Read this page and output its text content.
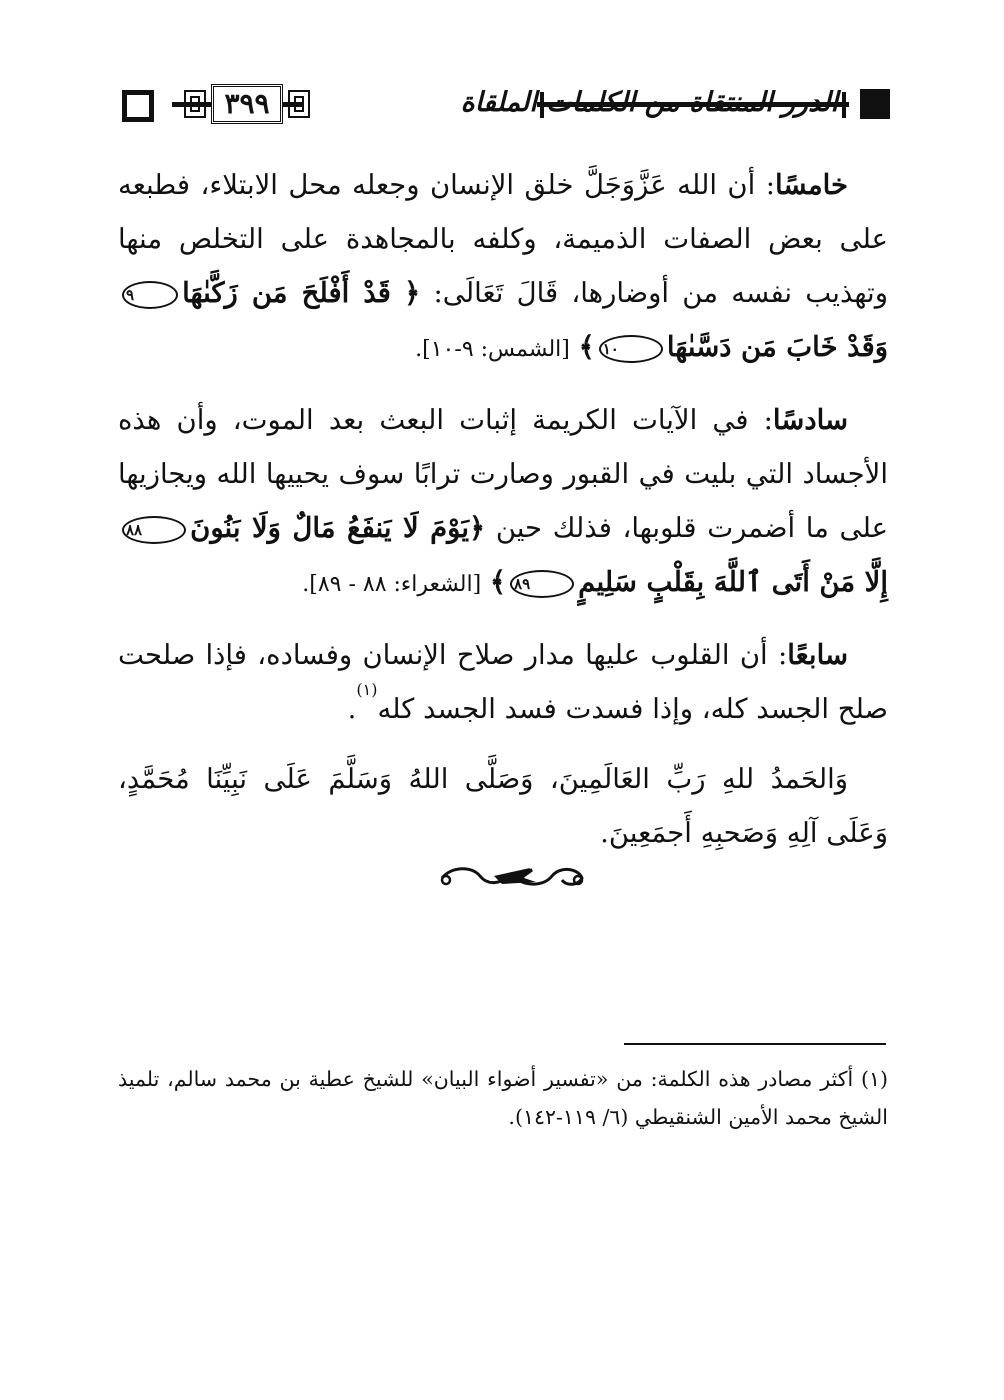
٣٩٩	الدرر المنتقاة من الكلمات الملقاة

خامسًا: أن الله عَزَّوَجَلَّ خلق الإنسان وجعله محل الابتلاء، فطبعه على بعض الصفات الذميمة، وكلفه بالمجاهدة على التخلص منها وتهذيب نفسه من أوضارها، قَالَ تَعَالَى: ﴿ قَدْ أَفْلَحَ مَن زَكَّىٰهَا٩ وَقَدْ خَابَ مَن دَسَّىٰهَا١٠﴾ [الشمس: ٩-١٠].

سادسًا: في الآيات الكريمة إثبات البعث بعد الموت، وأن هذه الأجساد التي بليت في القبور وصارت ترابًا سوف يحييها الله ويجازيها على ما أضمرت قلوبها، فذلك حين ﴿يَوْمَ لَا يَنفَعُ مَالٌ وَلَا بَنُونَ٨٨ إِلَّا مَنْ أَتَى ٱللَّهَ بِقَلْبٍ سَلِيمٍ٨٩﴾ [الشعراء: ٨٨ - ٨٩].

سابعًا: أن القلوب عليها مدار صلاح الإنسان وفساده، فإذا صلحت صلح الجسد كله، وإذا فسدت فسد الجسد كله$^{(١)}$.

وَالحَمدُ للهِ رَبِّ العَالَمِينَ، وَصَلَّى اللهُ وَسَلَّمَ عَلَى نَبِيِّنَا مُحَمَّدٍ، وَعَلَى آلِهِ وَصَحبِهِ أَجمَعِينَ.

(١) أكثر مصادر هذه الكلمة: من «تفسير أضواء البيان» للشيخ عطية بن محمد سالم، تلميذ الشيخ محمد الأمين الشنقيطي (٦/ ١١٩-١٤٢).
